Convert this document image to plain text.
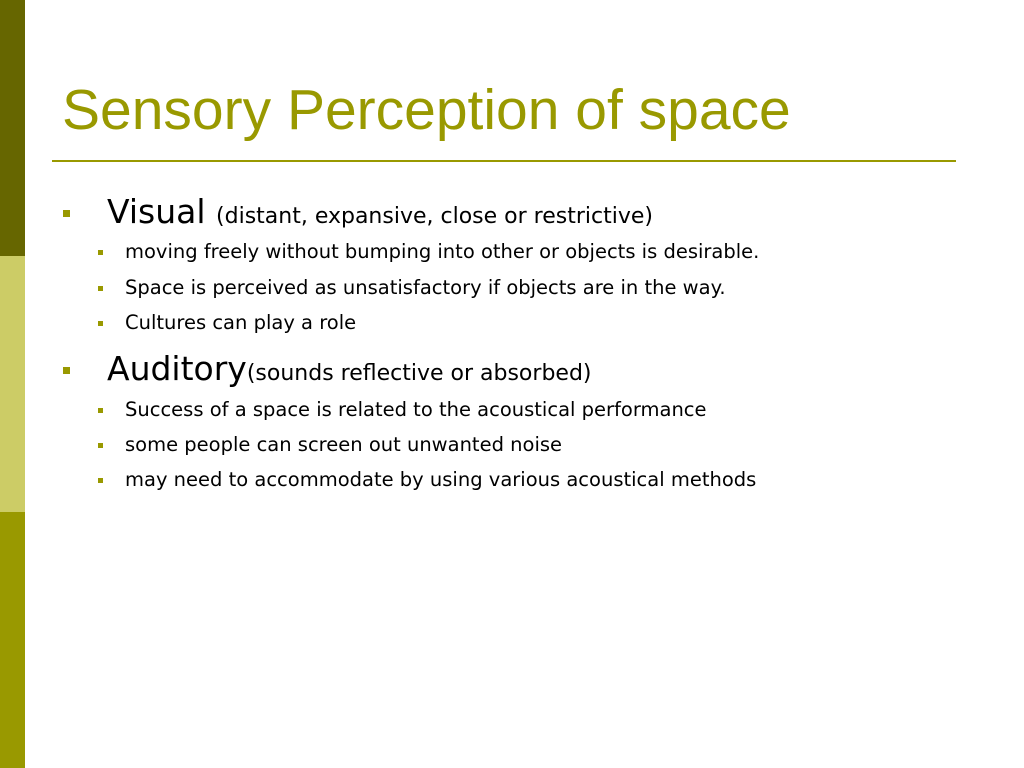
Sensory Perception of space
Visual (distant, expansive, close or restrictive)
moving freely without bumping into other or objects is desirable.
Space is perceived as unsatisfactory if objects are in the way.
Cultures can play a role
Auditory(sounds reflective or absorbed)
Success of a space is related to the acoustical performance
some people can screen out unwanted noise
may need to accommodate by using various acoustical methods
